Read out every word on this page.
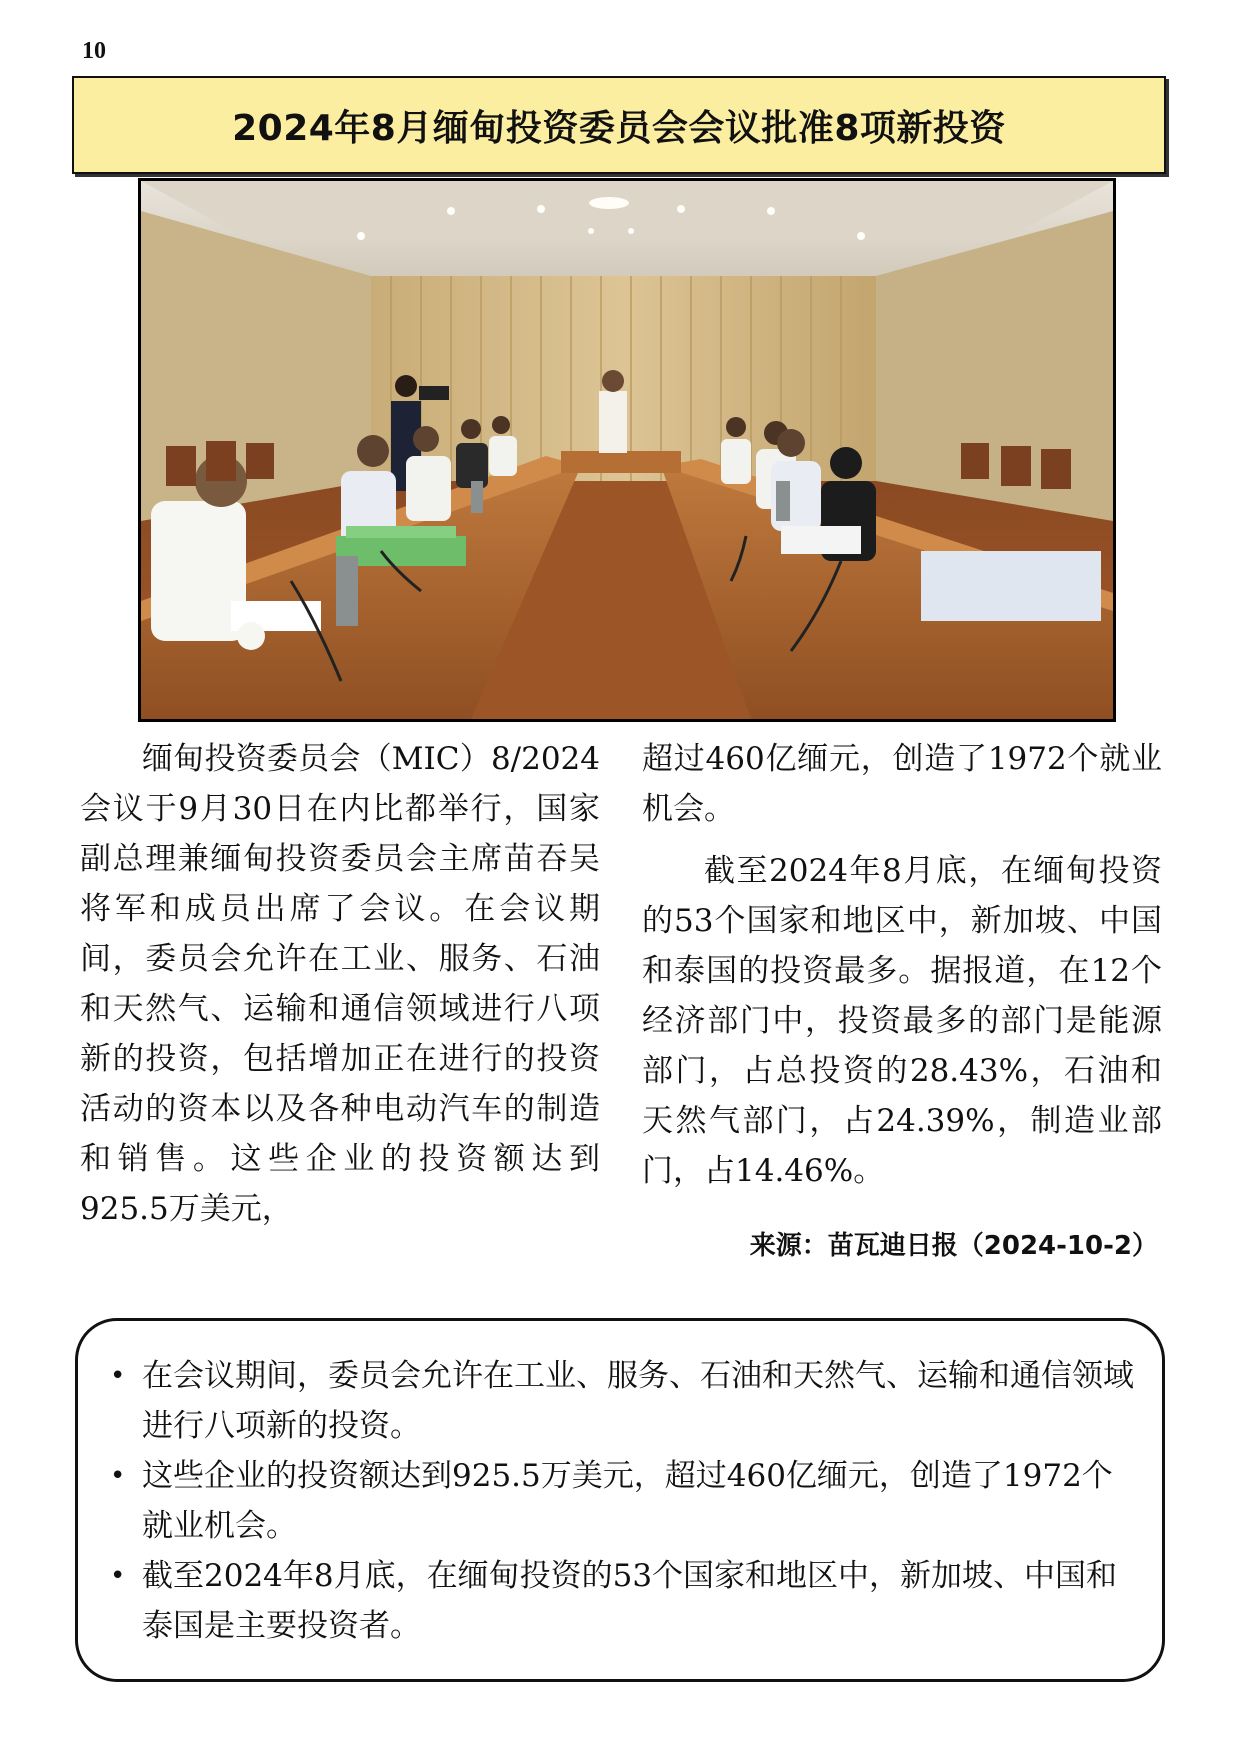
10
2024年8月缅甸投资委员会会议批准8项新投资

缅甸投资委员会（MIC）8/2024会议于9月30日在内比都举行，国家副总理兼缅甸投资委员会主席苗吞吴将军和成员出席了会议。在会议期间，委员会允许在工业、服务、石油和天然气、运输和通信领域进行八项新的投资，包括增加正在进行的投资活动的资本以及各种电动汽车的制造和销售。这些企业的投资额达到925.5万美元，

超过460亿缅元，创造了1972个就业机会。

截至2024年8月底，在缅甸投资的53个国家和地区中，新加坡、中国和泰国的投资最多。据报道，在12个经济部门中，投资最多的部门是能源部门，占总投资的28.43%，石油和天然气部门，占24.39%，制造业部门，占14.46%。

来源：苗瓦迪日报（2024-10-2）
• 在会议期间，委员会允许在工业、服务、石油和天然气、运输和通信领域进行八项新的投资。
• 这些企业的投资额达到925.5万美元，超过460亿缅元，创造了1972个就业机会。
• 截至2024年8月底，在缅甸投资的53个国家和地区中，新加坡、中国和泰国是主要投资者。
